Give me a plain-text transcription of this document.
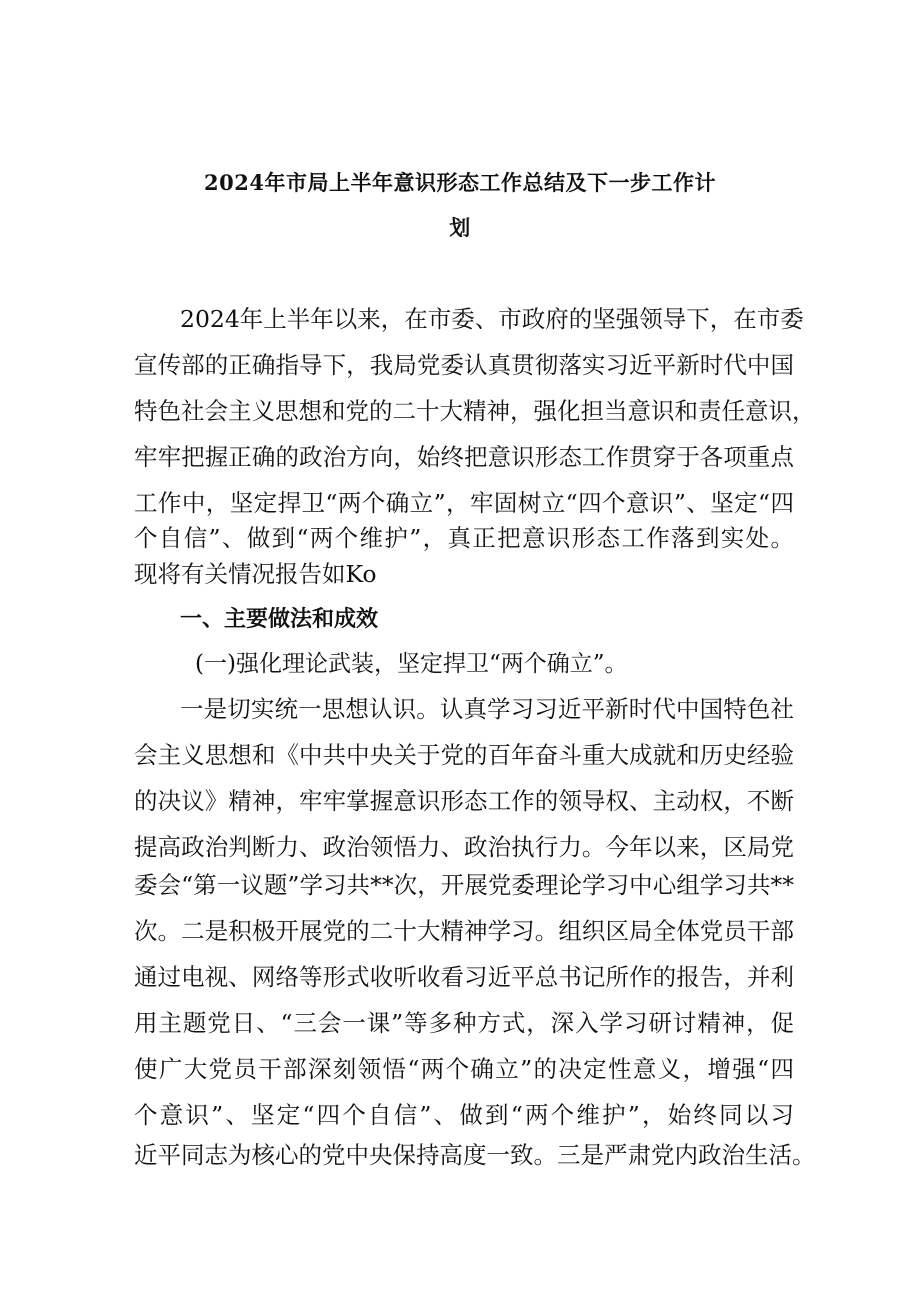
2024年市局上半年意识形态工作总结及下一步工作计
划
2024年上半年以来，在市委、市政府的坚强领导下，在市委
宣传部的正确指导下，我局党委认真贯彻落实习近平新时代中国
特色社会主义思想和党的二十大精神，强化担当意识和责任意识，
牢牢把握正确的政治方向，始终把意识形态工作贯穿于各项重点
工作中，坚定捍卫“两个确立”，牢固树立“四个意识”、坚定“四
个自信”、做到“两个维护”，真正把意识形态工作落到实处。
现将有关情况报告如Ko
一、主要做法和成效
(一)强化理论武装，坚定捍卫“两个确立”。
一是切实统一思想认识。认真学习习近平新时代中国特色社
会主义思想和《中共中央关于党的百年奋斗重大成就和历史经验
的决议》精神，牢牢掌握意识形态工作的领导权、主动权，不断
提高政治判断力、政治领悟力、政治执行力。今年以来，区局党
委会“第一议题”学习共**次，开展党委理论学习中心组学习共**
次。二是积极开展党的二十大精神学习。组织区局全体党员干部
通过电视、网络等形式收听收看习近平总书记所作的报告，并利
用主题党日、“三会一课”等多种方式，深入学习研讨精神，促
使广大党员干部深刻领悟“两个确立”的决定性意义，增强“四
个意识”、坚定“四个自信”、做到“两个维护”，始终同以习
近平同志为核心的党中央保持高度一致。三是严肃党内政治生活。
